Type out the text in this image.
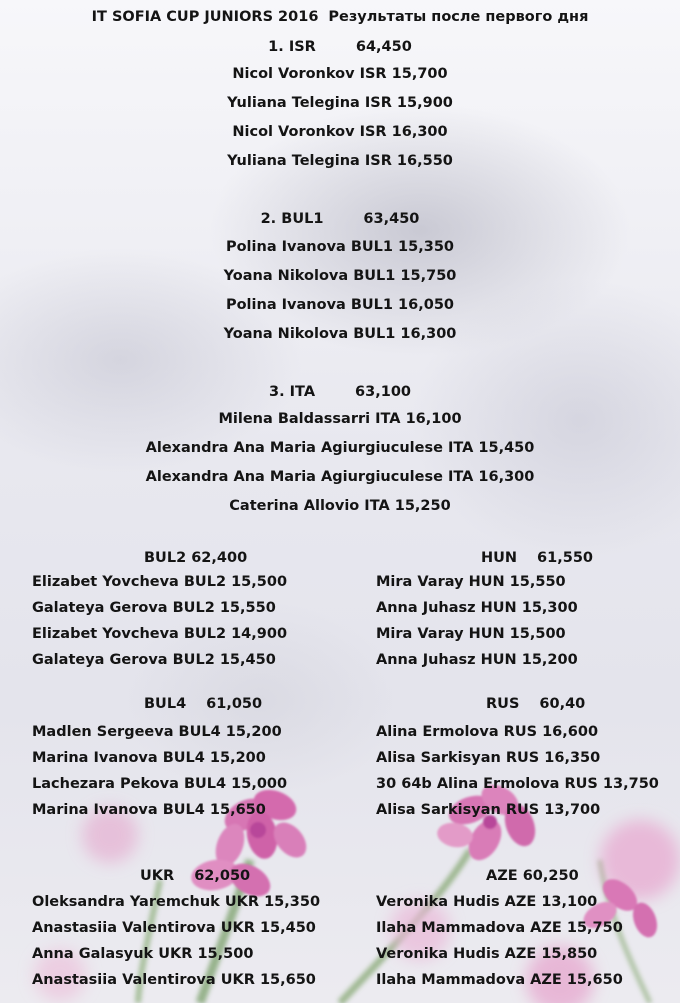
IT SOFIA CUP JUNIORS 2016 Результаты после первого дня
1. ISR	64,450
Nicol Voronkov ISR 15,700
Yuliana Telegina ISR 15,900
Nicol Voronkov ISR 16,300
Yuliana Telegina ISR 16,550
2. BUL1	63,450
Polina Ivanova BUL1 15,350
Yoana Nikolova BUL1 15,750
Polina Ivanova BUL1 16,050
Yoana Nikolova BUL1 16,300
3. ITA	63,100
Milena Baldassarri ITA 16,100
Alexandra Ana Maria Agiurgiuculese ITA 15,450
Alexandra Ana Maria Agiurgiuculese ITA 16,300
Caterina Allovio ITA 15,250
BUL2 62,400
Elizabet Yovcheva BUL2 15,500
Galateya Gerova BUL2 15,550
Elizabet Yovcheva BUL2 14,900
Galateya Gerova BUL2 15,450
BUL4 61,050
Madlen Sergeeva BUL4 15,200
Marina Ivanova BUL4 15,200
Lachezara Pekova BUL4 15,000
Marina Ivanova BUL4 15,650
UKR 62,050
Oleksandra Yaremchuk UKR 15,350
Anastasiia Valentirova UKR 15,450
Anna Galasyuk UKR 15,500
Anastasiia Valentirova UKR 15,650
HUN 61,550
Mira Varay HUN 15,550
Anna Juhasz HUN 15,300
Mira Varay HUN 15,500
Anna Juhasz HUN 15,200
RUS 60,40
Alina Ermolova RUS 16,600
Alisa Sarkisyan RUS 16,350
30 64b Alina Ermolova RUS 13,750
Alisa Sarkisyan RUS 13,700
AZE 60,250
Veronika Hudis AZE 13,100
Ilaha Mammadova AZE 15,750
Veronika Hudis AZE 15,850
Ilaha Mammadova AZE 15,650
